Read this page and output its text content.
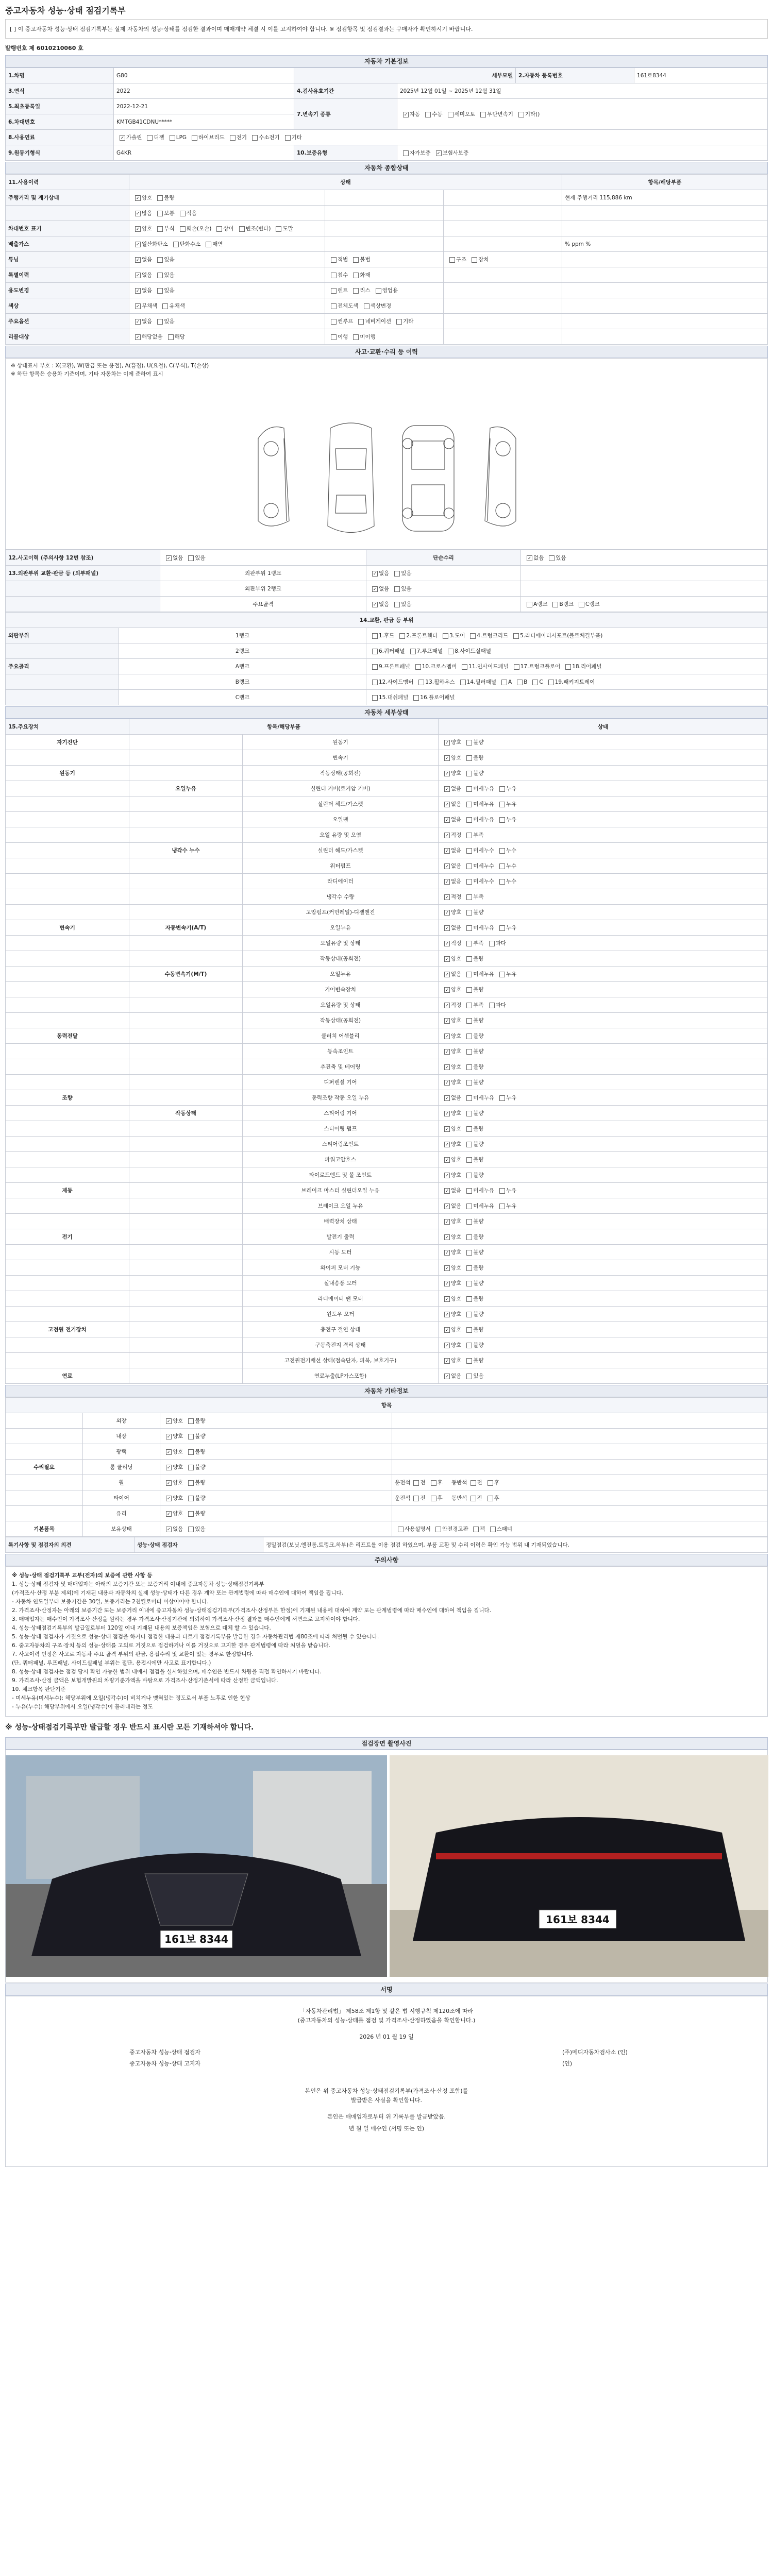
중고자동차 성능·상태 점검기록부
[ ] 이 중고자동차 성능·상태 점검기록부는 실제 자동차의 성능·상태를 점검한 결과이며 매매계약 체결 시 이를 고지하여야 합니다. ※ 점검항목 및 점검결과는 구매자가 확인하시기 바랍니다.
발행번호 제 6010210060 호
자동차 기본정보
1.차명	G80	세부모델		2.자동차 등록번호	161로8344
3.연식	2022	4.검사유효기간	2025년 12월 01일 ~ 2025년 12월 31일		
5.최초등록일	2022-12-21	7.변속기 종류	✓자동 수동 세미오토 무단변속기 기타()
6.차대번호	KMTGB41CDNU*****				
8.사용연료	✓가솔린 디젤 LPG 하이브리드 전기 수소전기 기타
9.원동기형식	G4KR	10.보증유형	자가보증 ✓ 보험사보증
자동차 종합상태
11.사용이력	상태			항목/해당부품
주행거리 및 계기상태	✓양호 불량			현재 주행거리 115,886 km
	✓많음 보통 적음			
차대번호 표기	✓양호 부식 훼손(오손) 상이 변조(변타) 도말			
배출가스	✓일산화탄소 탄화수소 매연			% ppm %
튜닝	✓없음 있음	적법 불법	구조 장치	
특별이력	✓없음 있음	침수 화재		
용도변경	✓없음 있음	렌트 리스 영업용		
색상	✓무채색 유채색	전체도색 색상변경		
주요옵션	✓없음 있음	썬루프 네비게이션 기타		
리콜대상	✓해당없음 해당	이행 미이행		
사고·교환·수리 등 이력
※ 상태표시 부호 : X(교환), W(판금 또는 용접), A(흠집), U(요철), C(부식), T(손상)
※ 하단 항목은 승용차 기준이며, 기타 자동차는 이에 준하여 표시
12.사고이력 (주의사항 12번 참조)	✓없음 있음	단순수리	✓없음 있음
13.외판부위 교환·판금 등 (외부패널)	외판부위 1랭크	✓없음 있음	
	외판부위 2랭크	✓없음 있음	
	주요골격	✓없음 있음	A랭크 B랭크 C랭크
14.교환, 판금 등 부위		
외판부위	1랭크	1.후드 2.프론트휀더 3.도어 4.트렁크리드 5.라디에이터서포트(볼트체결부품)
	2랭크	6.쿼터패널 7.루프패널 8.사이드실패널
주요골격	A랭크	9.프론트패널 10.크로스멤버 11.인사이드패널 17.트렁크플로어 18.리어패널
	B랭크	12.사이드멤버 13.휠하우스 14.필러패널 A B C 19.패키지트레이
	C랭크	15.대쉬패널 16.플로어패널
자동차 세부상태
15.주요장치	항목/해당부품		상태
자기진단		원동기	✓양호 불량
		변속기	✓양호 불량
원동기		작동상태(공회전)	✓양호 불량
	오일누유	실린더 커버(로커암 커버)	✓없음 미세누유 누유
		실린더 헤드/가스켓	✓없음 미세누유 누유
		오일팬	✓없음 미세누유 누유
		오일 유량 및 오염	✓적정 부족
	냉각수 누수	실린더 헤드/가스켓	✓없음 미세누수 누수
		워터펌프	✓없음 미세누수 누수
		라디에이터	✓없음 미세누수 누수
		냉각수 수량	✓적정 부족
		고압펌프(커먼레일)-디젤엔진	✓양호 불량
변속기	자동변속기(A/T)	오일누유	✓없음 미세누유 누유
		오일유량 및 상태	✓적정 부족 과다
		작동상태(공회전)	✓양호 불량
	수동변속기(M/T)	오일누유	✓없음 미세누유 누유
		기어변속장치	✓양호 불량
		오일유량 및 상태	✓적정 부족 과다
		작동상태(공회전)	✓양호 불량
동력전달		클러치 어셈블리	✓양호 불량
		등속조인트	✓양호 불량
		추진축 및 베어링	✓양호 불량
		디퍼렌셜 기어	✓양호 불량
조향		동력조향 작동 오일 누유	✓없음 미세누유 누유
	작동상태	스티어링 기어	✓양호 불량
		스티어링 펌프	✓양호 불량
		스티어링조인트	✓양호 불량
		파워고압호스	✓양호 불량
		타이로드엔드 및 볼 조인트	✓양호 불량
제동		브레이크 마스터 실린더오일 누유	✓없음 미세누유 누유
		브레이크 오일 누유	✓없음 미세누유 누유
		배력장치 상태	✓양호 불량
전기		발전기 출력	✓양호 불량
		시동 모터	✓양호 불량
		와이퍼 모터 기능	✓양호 불량
		실내송풍 모터	✓양호 불량
		라디에이터 팬 모터	✓양호 불량
		윈도우 모터	✓양호 불량
고전원 전기장치		충전구 절연 상태	✓양호 불량
		구동축전지 격리 상태	✓양호 불량
		고전원전기배선 상태(접속단자, 피복, 보호기구)	✓양호 불량
연료		연료누출(LP가스포함)	✓없음 있음
자동차 기타정보
항목			
	외장	✓양호 불량	
	내장	✓양호 불량	
	광택	✓양호 불량	
수리필요	룸 클리닝	✓양호 불량	
	휠	✓양호 불량	운전석 전 후 동반석 전 후
	타이어	✓양호 불량	운전석 전 후 동반석 전 후
	유리	✓양호 불량	
기본품목	보유상태	✓없음 있음	사용설명서 안전경고판 잭 스패너
특기사항 및 점검자의 의견	성능·상태 점검자	정밀점검(보닛,엔진룸,트렁크,하부)은 리프트를 이용 점검 하였으며, 부품 교환 및 수리 이력은 확인 가능 범위 내 기재되었습니다.
주의사항

※ 성능·상태 점검기록부 교부(전자)의 보증에 관한 사항 등

1. 성능·상태 점검자 및 매매업자는 아래의 보증기간 또는 보증거리 이내에 중고자동차 성능·상태점검기록부

(가격조사·산정 부분 제외)에 기재된 내용과 자동차의 실제 성능·상태가 다른 경우 계약 또는 관계법령에 따라 매수인에 대하여 책임을 집니다.

- 자동차 인도일부터 보증기간은 30일, 보증거리는 2천킬로미터 이상이어야 합니다.

2. 가격조사·산정자는 아래의 보증기간 또는 보증거리 이내에 중고자동차 성능·상태점검기록부(가격조사·산정부분 한정)에 기재된 내용에 대하여 계약 또는 관계법령에 따라 매수인에 대하여 책임을 집니다.

3. 매매업자는 매수인이 가격조사·산정을 원하는 경우 가격조사·산정기관에 의뢰하여 가격조사·산정 결과를 매수인에게 서면으로 고지하여야 합니다.

4. 성능·상태점검기록부의 발급일로부터 120일 이내 기재된 내용의 보증책임은 보험으로 대체 할 수 있습니다.

5. 성능·상태 점검자가 거짓으로 성능·상태 점검을 하거나 점검한 내용과 다르게 점검기록부를 발급한 경우 자동차관리법 제80조에 따라 처벌될 수 있습니다.

6. 중고자동차의 구조·장치 등의 성능·상태를 고의로 거짓으로 점검하거나 이를 거짓으로 고지한 경우 관계법령에 따라 처벌을 받습니다.

7. 사고이력 인정은 사고로 자동차 주요 골격 부위의 판금, 용접수리 및 교환이 있는 경우로 한정합니다.

(단, 쿼터패널, 루프패널, 사이드실패널 부위는 절단, 용접시에만 사고로 표기합니다.)

8. 성능·상태 점검자는 점검 당시 확인 가능한 범위 내에서 점검을 실시하였으며, 매수인은 반드시 차량을 직접 확인하시기 바랍니다.

9. 가격조사·산정 금액은 보험개발원의 차량기준가액을 바탕으로 가격조사·산정기준서에 따라 산정한 금액입니다.

10. 체크항목 판단기준

- 미세누유(미세누수): 해당부위에 오일(냉각수)이 비치거나 맺혀있는 정도로서 부품 노후로 인한 현상

- 누유(누수): 해당부위에서 오일(냉각수)이 흘러내리는 정도

※ 성능·상태점검기록부만 발급할 경우 반드시 표시란 모든 기재하셔야 합니다.
점검장면 촬영사진
161보 8344
161보 8344
서명
「자동차관리법」 제58조 제1항 및 같은 법 시행규칙 제120조에 따라
(중고자동차의 성능·상태를 점검 및 가격조사·산정하였음을 확인합니다.)
2026 년 01 월 19 일
중고자동차 성능·상태 점검자	(주)메디자동차검사소 (인)
중고자동차 성능·상태 고지자	(인)
본인은 위 중고자동차 성능·상태점검기록부(가격조사·산정 포함)를
발급받은 사실을 확인합니다.
본인은 매매업자로부터 위 기록부를 발급받았음.
년 월 일 매수인 (서명 또는 인)
